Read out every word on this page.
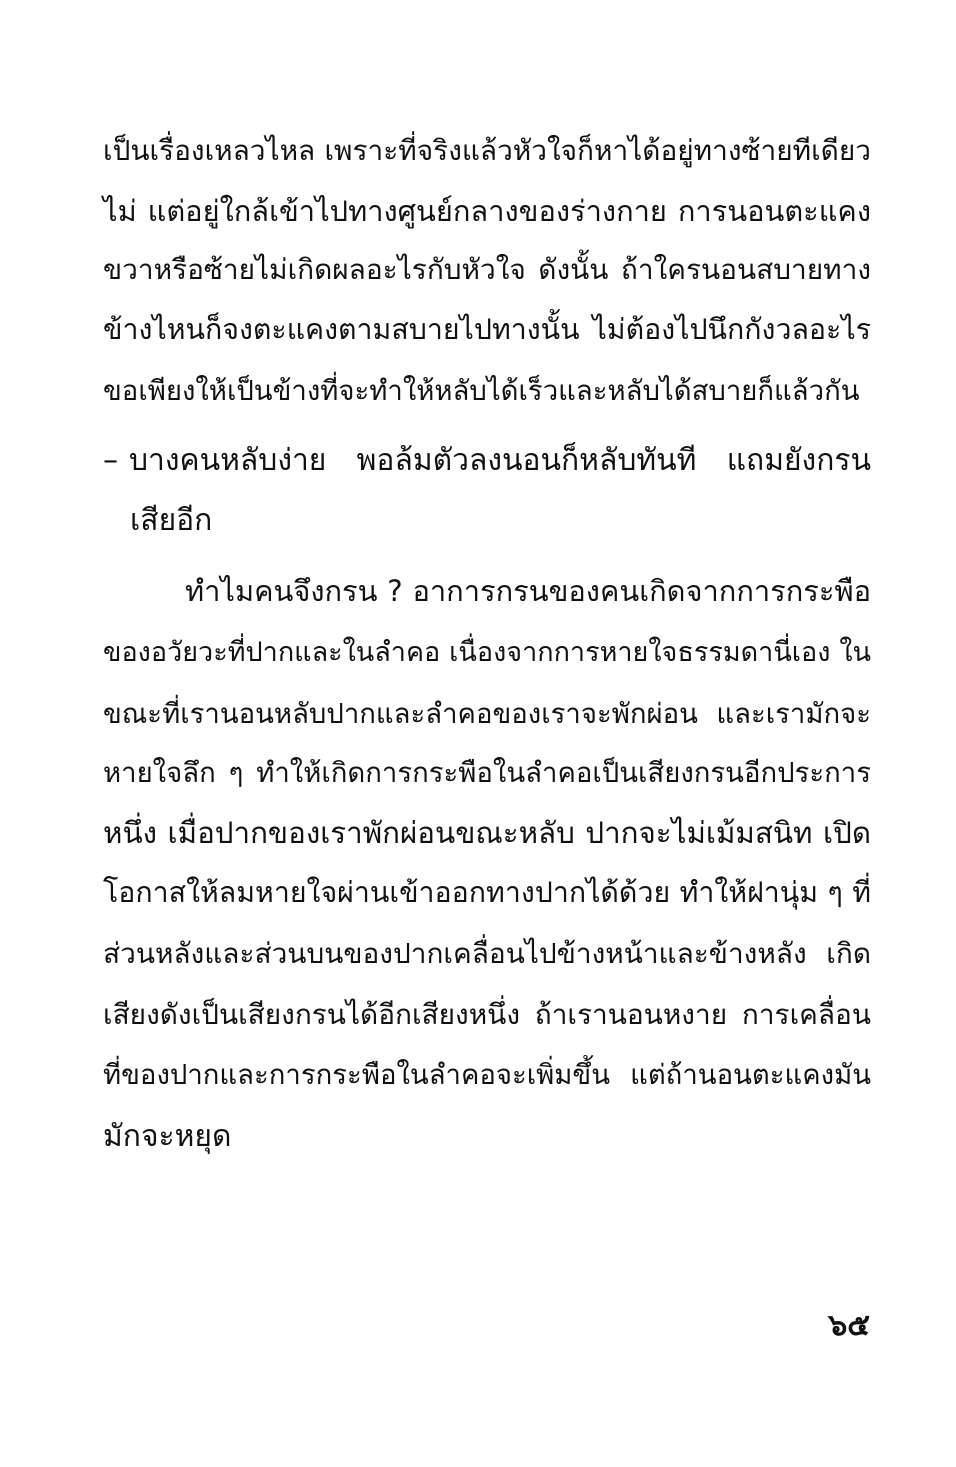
เป็นเรื่องเหลวไหล เพราะที่จริงแล้วหัวใจก็หาได้อยู่ทางซ้ายทีเดียว
ไม่ แต่อยู่ใกล้เข้าไปทางศูนย์กลางของร่างกาย การนอนตะแคง
ขวาหรือซ้ายไม่เกิดผลอะไรกับหัวใจ ดังนั้น ถ้าใครนอนสบายทาง
ข้างไหนก็จงตะแคงตามสบายไปทางนั้น ไม่ต้องไปนึกกังวลอะไร
ขอเพียงให้เป็นข้างที่จะทำให้หลับได้เร็วและหลับได้สบายก็แล้วกัน
– บางคนหลับง่าย พอล้มตัวลงนอนก็หลับทันที แถมยังกรน
เสียอีก
ทำไมคนจึงกรน ? อาการกรนของคนเกิดจากการกระพือ
ของอวัยวะที่ปากและในลำคอ เนื่องจากการหายใจธรรมดานี่เอง ใน
ขณะที่เรานอนหลับปากและลำคอของเราจะพักผ่อน และเรามักจะ
หายใจลึก ๆ ทำให้เกิดการกระพือในลำคอเป็นเสียงกรนอีกประการ
หนึ่ง เมื่อปากของเราพักผ่อนขณะหลับ ปากจะไม่เม้มสนิท เปิด
โอกาสให้ลมหายใจผ่านเข้าออกทางปากได้ด้วย ทำให้ฝานุ่ม ๆ ที่
ส่วนหลังและส่วนบนของปากเคลื่อนไปข้างหน้าและข้างหลัง เกิด
เสียงดังเป็นเสียงกรนได้อีกเสียงหนึ่ง ถ้าเรานอนหงาย การเคลื่อน
ที่ของปากและการกระพือในลำคอจะเพิ่มขึ้น แต่ถ้านอนตะแคงมัน
มักจะหยุด
๖๕
